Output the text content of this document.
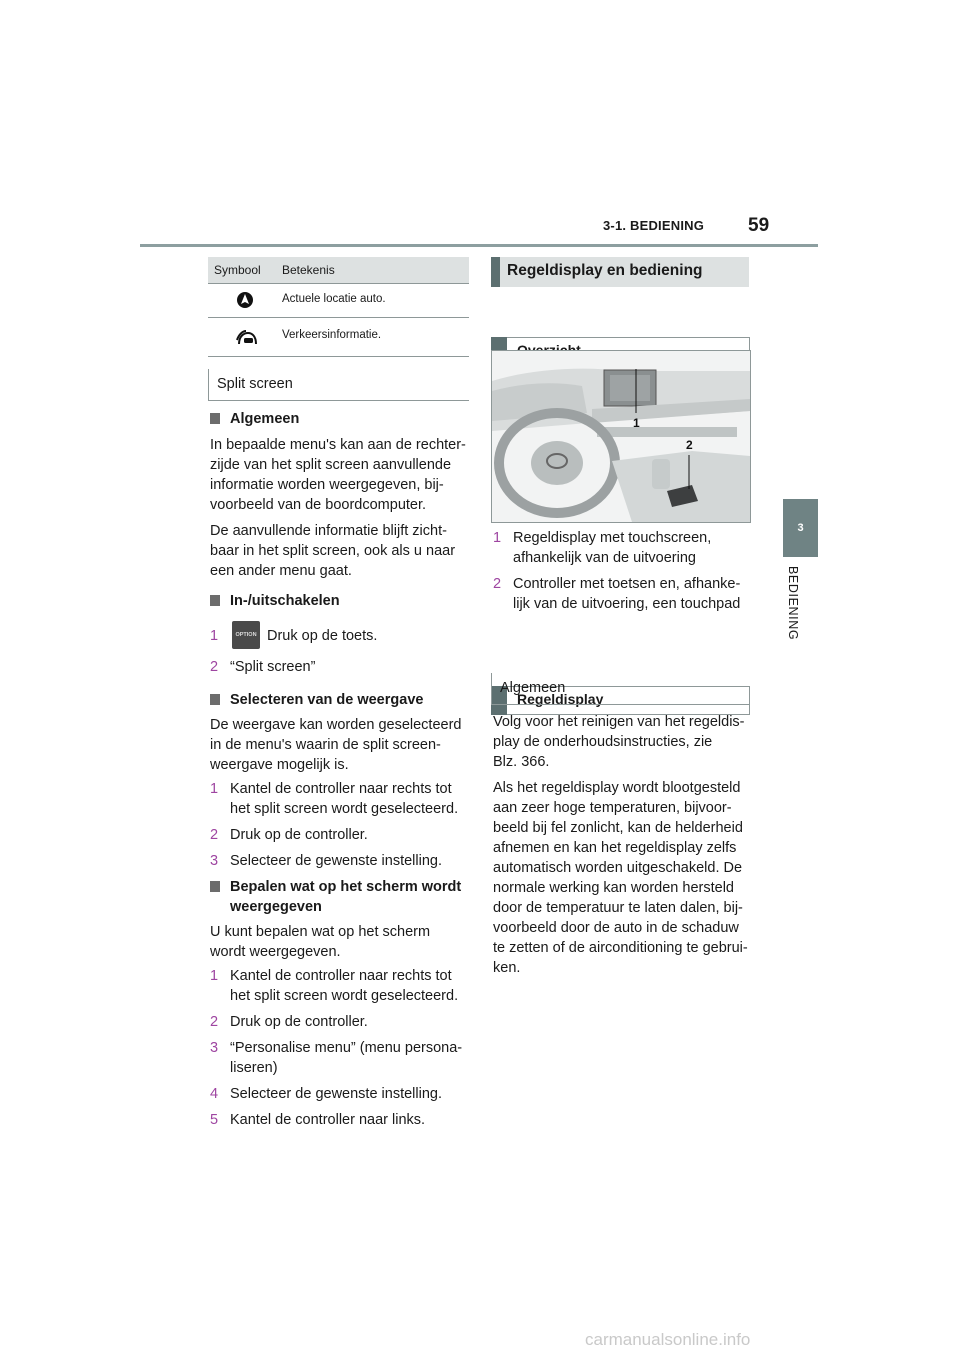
3-1. BEDIENING 59
3
BEDIENING
Symbool Betekenis
Actuele locatie auto.
Verkeersinformatie.
Split screen
Algemeen

In bepaalde menu's kan aan de rechter-

zijde van het split screen aanvullende

informatie worden weergegeven, bij-

voorbeeld van de boordcomputer.

De aanvullende informatie blijft zicht-

baar in het split screen, ook als u naar

een ander menu gaat.

In-/uitschakelen
1	OPTION Druk op de toets.
2 “Split screen”
Selecteren van de weergave

De weergave kan worden geselecteerd

in de menu's waarin de split screen-

weergave mogelijk is.

1 Kantel de controller naar rechts tot

het split screen wordt geselecteerd.

2 Druk op de controller.

3 Selecteer de gewenste instelling.

Bepalen wat op het scherm wordt

weergegeven

U kunt bepalen wat op het scherm

wordt weergegeven.

1 Kantel de controller naar rechts tot

het split screen wordt geselecteerd.

2 Druk op de controller.

3 “Personalise menu” (menu persona-

liseren)

4 Selecteer de gewenste instelling.

5 Kantel de controller naar links.

Regeldisplay en bediening
1
2
1 Regeldisplay met touchscreen,

afhankelijk van de uitvoering

2 Controller met toetsen en, afhanke-

lijk van de uitvoering, een touchpad

Regeldisplay
Algemeen

Volg voor het reinigen van het regeldis-

play de onderhoudsinstructies, zie

Blz. 366.

Als het regeldisplay wordt blootgesteld

aan zeer hoge temperaturen, bijvoor-

beeld bij fel zonlicht, kan de helderheid

afnemen en kan het regeldisplay zelfs

automatisch worden uitgeschakeld. De

normale werking kan worden hersteld

door de temperatuur te laten dalen, bij-

voorbeeld door de auto in de schaduw

te zetten of de airconditioning te gebrui-

ken.

carmanualsonline.info
